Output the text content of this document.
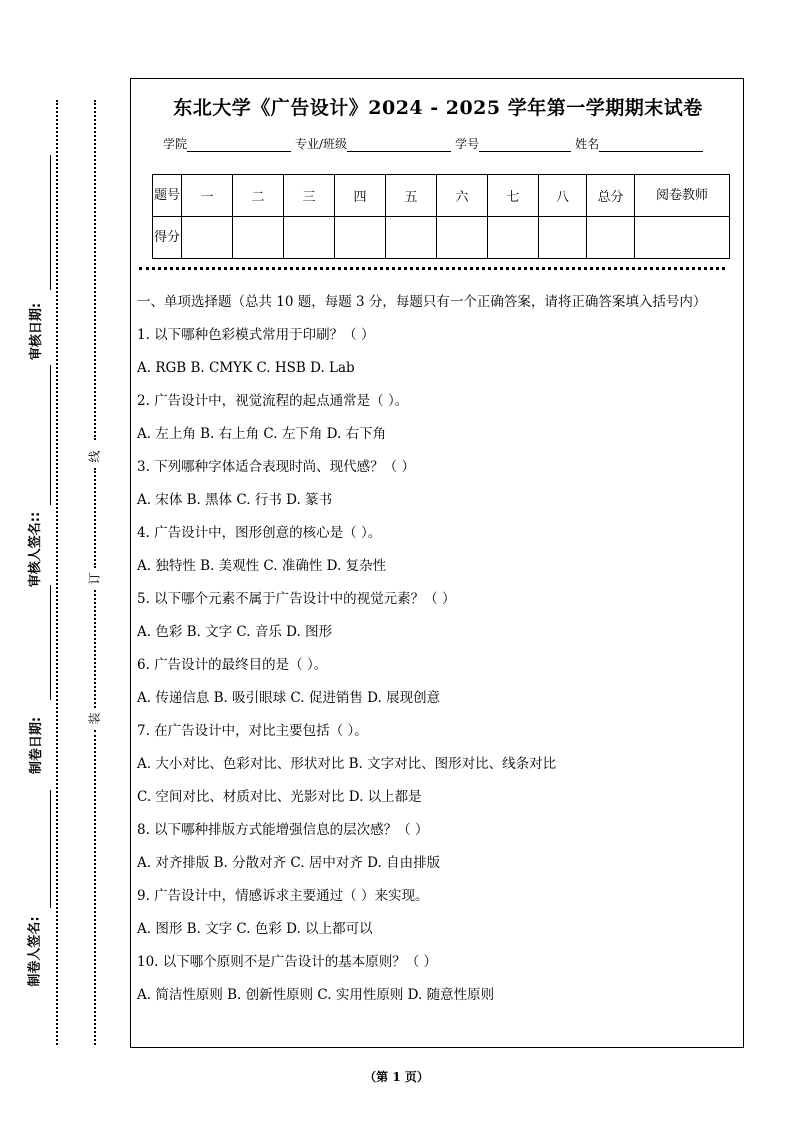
审核日期:
审核人签名::
制卷日期:
制卷人签名:
线
订
装
东北大学《广告设计》2024 - 2025 学年第一学期期末试卷
学院	专业/班级	学号	姓名
题号	一	二	三	四	五	六	七	八	总分	阅卷教师
得分										
一、单项选择题（总共 10 题，每题 3 分，每题只有一个正确答案，请将正确答案填入括号内）
1. 以下哪种色彩模式常用于印刷？（ ）
A. RGB B. CMYK C. HSB D. Lab
2. 广告设计中，视觉流程的起点通常是（ ）。
A. 左上角 B. 右上角 C. 左下角 D. 右下角
3. 下列哪种字体适合表现时尚、现代感？（ ）
A. 宋体 B. 黑体 C. 行书 D. 篆书
4. 广告设计中，图形创意的核心是（ ）。
A. 独特性 B. 美观性 C. 准确性 D. 复杂性
5. 以下哪个元素不属于广告设计中的视觉元素？（ ）
A. 色彩 B. 文字 C. 音乐 D. 图形
6. 广告设计的最终目的是（ ）。
A. 传递信息 B. 吸引眼球 C. 促进销售 D. 展现创意
7. 在广告设计中，对比主要包括（ ）。
A. 大小对比、色彩对比、形状对比 B. 文字对比、图形对比、线条对比
C. 空间对比、材质对比、光影对比 D. 以上都是
8. 以下哪种排版方式能增强信息的层次感？（ ）
A. 对齐排版 B. 分散对齐 C. 居中对齐 D. 自由排版
9. 广告设计中，情感诉求主要通过（ ）来实现。
A. 图形 B. 文字 C. 色彩 D. 以上都可以
10. 以下哪个原则不是广告设计的基本原则？（ ）
A. 简洁性原则 B. 创新性原则 C. 实用性原则 D. 随意性原则
（第 1 页）
